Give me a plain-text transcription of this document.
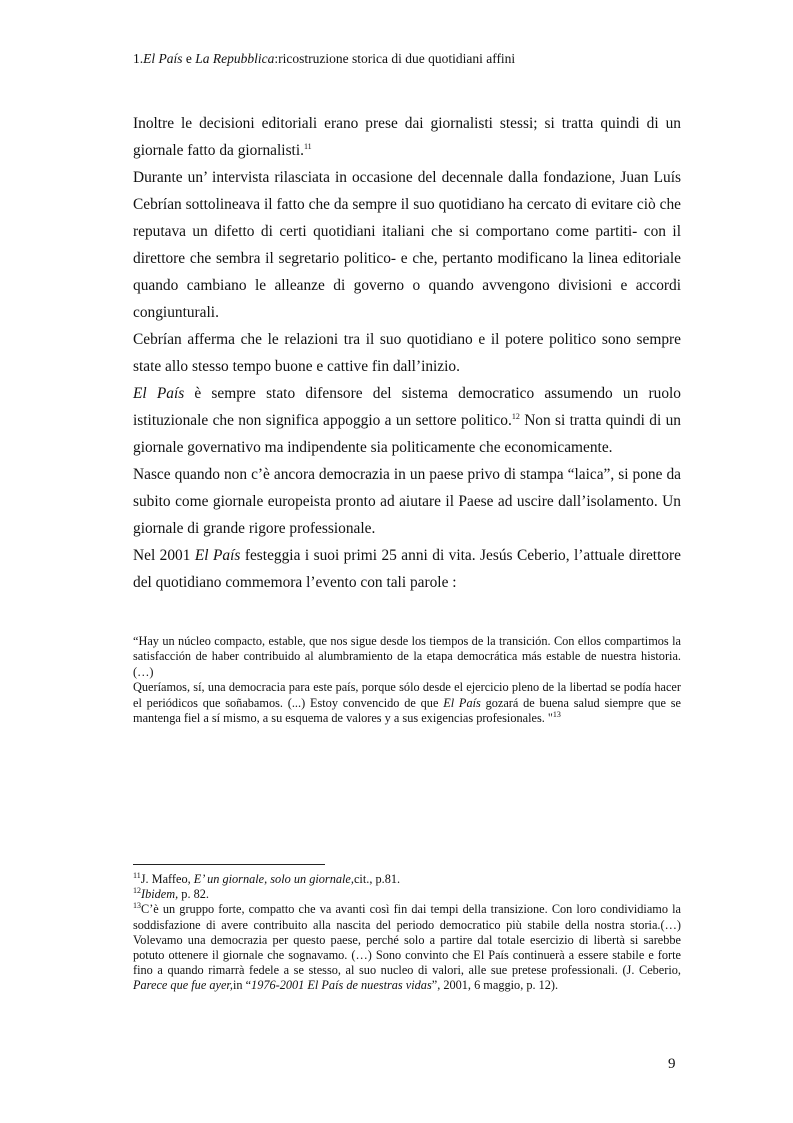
1.El País e La Repubblica:ricostruzione storica di due quotidiani affini

Inoltre le decisioni editoriali erano prese dai giornalisti stessi; si tratta quindi di un giornale fatto da giornalisti.$^{11}$

Durante un’ intervista rilasciata in occasione del decennale dalla fondazione, Juan Luís Cebrían sottolineava il fatto che da sempre il suo quotidiano ha cercato di evitare ciò che reputava un difetto di certi quotidiani italiani che si comportano come partiti- con il direttore che sembra il segretario politico- e che, pertanto modificano la linea editoriale quando cambiano le alleanze di governo o quando avvengono divisioni e accordi congiunturali.

Cebrían afferma che le relazioni tra il suo quotidiano e il potere politico sono sempre state allo stesso tempo buone e cattive fin dall’inizio.

El País è sempre stato difensore del sistema democratico assumendo un ruolo istituzionale che non significa appoggio a un settore politico.$^{12}$ Non si tratta quindi di un giornale governativo ma indipendente sia politicamente che economicamente.

Nasce quando non c’è ancora democrazia in un paese privo di stampa “laica”, si pone da subito come giornale europeista pronto ad aiutare il Paese ad uscire dall’isolamento. Un giornale di grande rigore professionale.

Nel 2001 El País festeggia i suoi primi 25 anni di vita. Jesús Ceberio, l’attuale direttore del quotidiano commemora l’evento con tali parole :

“Hay un núcleo compacto, estable, que nos sigue desde los tiempos de la transición. Con ellos compartimos la satisfacción de haber contribuido al alumbramiento de la etapa democrática más estable de nuestra historia. (…)

Queríamos, sí, una democracia para este país, porque sólo desde el ejercicio pleno de la libertad se podía hacer el periódicos que soñabamos. (...) Estoy convencido de que El País gozará de buena salud siempre que se mantenga fiel a sí mismo, a su esquema de valores y a sus exigencias profesionales. "$^{13}$

$^{11}$J. Maffeo, E’ un giornale, solo un giornale,cit., p.81.

$^{12}$Ibidem, p. 82.

$^{13}$C’è un gruppo forte, compatto che va avanti così fin dai tempi della transizione. Con loro condividiamo la soddisfazione di avere contribuito alla nascita del periodo democratico più stabile della nostra storia.(…) Volevamo una democrazia per questo paese, perché solo a partire dal totale esercizio di libertà si sarebbe potuto ottenere il giornale che sognavamo. (…) Sono convinto che El País continuerà a essere stabile e forte fino a quando rimarrà fedele a se stesso, al suo nucleo di valori, alle sue pretese professionali. (J. Ceberio, Parece que fue ayer,in “1976-2001 El País de nuestras vidas”, 2001, 6 maggio, p. 12).

9
